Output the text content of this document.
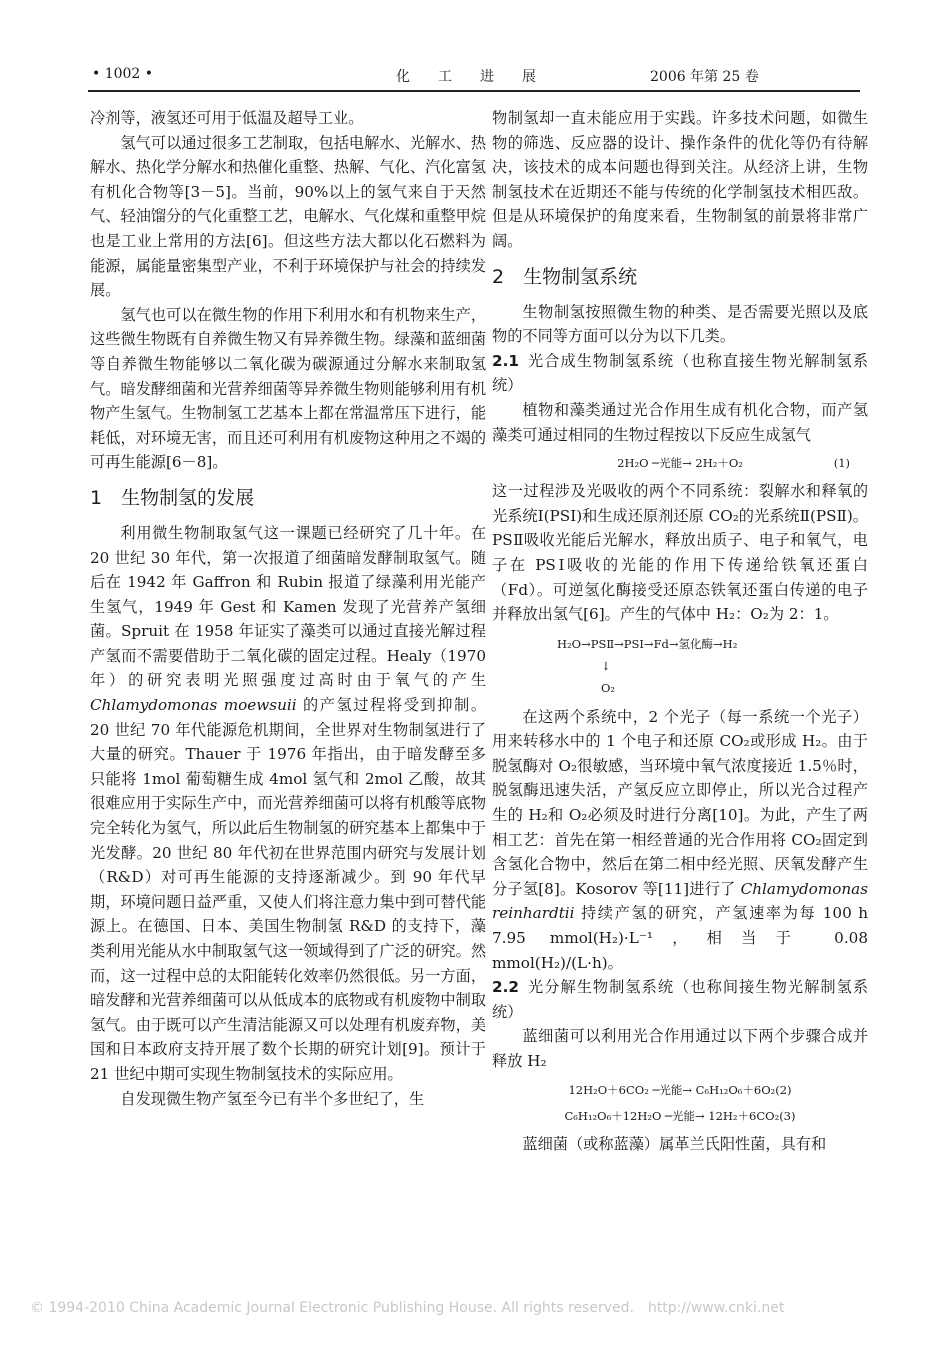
• 1002 •	化　　工　　进　　展	2006 年第 25 卷

冷剂等，液氢还可用于低温及超导工业。

氢气可以通过很多工艺制取，包括电解水、光解水、热解水、热化学分解水和热催化重整、热解、气化、汽化富氢有机化合物等[3－5]。当前，90%以上的氢气来自于天然气、轻油馏分的气化重整工艺，电解水、气化煤和重整甲烷也是工业上常用的方法[6]。但这些方法大都以化石燃料为能源，属能量密集型产业，不利于环境保护与社会的持续发展。

氢气也可以在微生物的作用下利用水和有机物来生产，这些微生物既有自养微生物又有异养微生物。绿藻和蓝细菌等自养微生物能够以二氧化碳为碳源通过分解水来制取氢气。暗发酵细菌和光营养细菌等异养微生物则能够利用有机物产生氢气。生物制氢工艺基本上都在常温常压下进行，能耗低，对环境无害，而且还可利用有机废物这种用之不竭的可再生能源[6－8]。

1　生物制氢的发展

利用微生物制取氢气这一课题已经研究了几十年。在 20 世纪 30 年代，第一次报道了细菌暗发酵制取氢气。随后在 1942 年 Gaffron 和 Rubin 报道了绿藻利用光能产生氢气，1949 年 Gest 和 Kamen 发现了光营养产氢细菌。Spruit 在 1958 年证实了藻类可以通过直接光解过程产氢而不需要借助于二氧化碳的固定过程。Healy（1970 年）的研究表明光照强度过高时由于氧气的产生 Chlamydomonas moewsuii 的产氢过程将受到抑制。20 世纪 70 年代能源危机期间，全世界对生物制氢进行了大量的研究。Thauer 于 1976 年指出，由于暗发酵至多只能将 1mol 葡萄糖生成 4mol 氢气和 2mol 乙酸，故其很难应用于实际生产中，而光营养细菌可以将有机酸等底物完全转化为氢气，所以此后生物制氢的研究基本上都集中于光发酵。20 世纪 80 年代初在世界范围内研究与发展计划（R&D）对可再生能源的支持逐渐减少。到 90 年代早期，环境问题日益严重，又使人们将注意力集中到可替代能源上。在德国、日本、美国生物制氢 R&D 的支持下，藻类利用光能从水中制取氢气这一领域得到了广泛的研究。然而，这一过程中总的太阳能转化效率仍然很低。另一方面，暗发酵和光营养细菌可以从低成本的底物或有机废物中制取氢气。由于既可以产生清洁能源又可以处理有机废弃物，美国和日本政府支持开展了数个长期的研究计划[9]。预计于 21 世纪中期可实现生物制氢技术的实际应用。

自发现微生物产氢至今已有半个多世纪了，生

物制氢却一直未能应用于实践。许多技术问题，如微生物的筛选、反应器的设计、操作条件的优化等仍有待解决，该技术的成本问题也得到关注。从经济上讲，生物制氢技术在近期还不能与传统的化学制氢技术相匹敌。但是从环境保护的角度来看，生物制氢的前景将非常广阔。

2　生物制氢系统

生物制氢按照微生物的种类、是否需要光照以及底物的不同等方面可以分为以下几类。

2.1 光合成生物制氢系统（也称直接生物光解制氢系统）

植物和藻类通过光合作用生成有机化合物，而产氢藻类可通过相同的生物过程按以下反应生成氢气

2H₂O ─光能→ 2H₂＋O₂	(1)

这一过程涉及光吸收的两个不同系统：裂解水和释氧的光系统Ⅰ(PSⅠ)和生成还原剂还原 CO₂的光系统Ⅱ(PSⅡ)。PSⅡ吸收光能后光解水，释放出质子、电子和氧气，电子在 PSⅠ吸收的光能的作用下传递给铁氧还蛋白（Fd）。可逆氢化酶接受还原态铁氧还蛋白传递的电子并释放出氢气[6]。产生的气体中 H₂：O₂为 2：1。

H₂O→PSⅡ→PSⅠ→Fd→氢化酶→H₂
↓
O₂

在这两个系统中，2 个光子（每一系统一个光子）用来转移水中的 1 个电子和还原 CO₂或形成 H₂。由于脱氢酶对 O₂很敏感，当环境中氧气浓度接近 1.5％时，脱氢酶迅速失活，产氢反应立即停止，所以光合过程产生的 H₂和 O₂必须及时进行分离[10]。为此，产生了两相工艺：首先在第一相经普通的光合作用将 CO₂固定到含氢化合物中，然后在第二相中经光照、厌氧发酵产生分子氢[8]。Kosorov 等[11]进行了 Chlamydomonas reinhardtii 持续产氢的研究，产氢速率为每 100 h 7.95 mmol(H₂)·L⁻¹，相当于 0.08 mmol(H₂)/(L·h)。

2.2 光分解生物制氢系统（也称间接生物光解制氢系统）

蓝细菌可以利用光合作用通过以下两个步骤合成并释放 H₂

12H₂O＋6CO₂ ─光能→ C₆H₁₂O₆＋6O₂(2)
C₆H₁₂O₆＋12H₂O ─光能→ 12H₂＋6CO₂(3)

蓝细菌（或称蓝藻）属革兰氏阳性菌，具有和

© 1994-2010 China Academic Journal Electronic Publishing House. All rights reserved.　http://www.cnki.net
